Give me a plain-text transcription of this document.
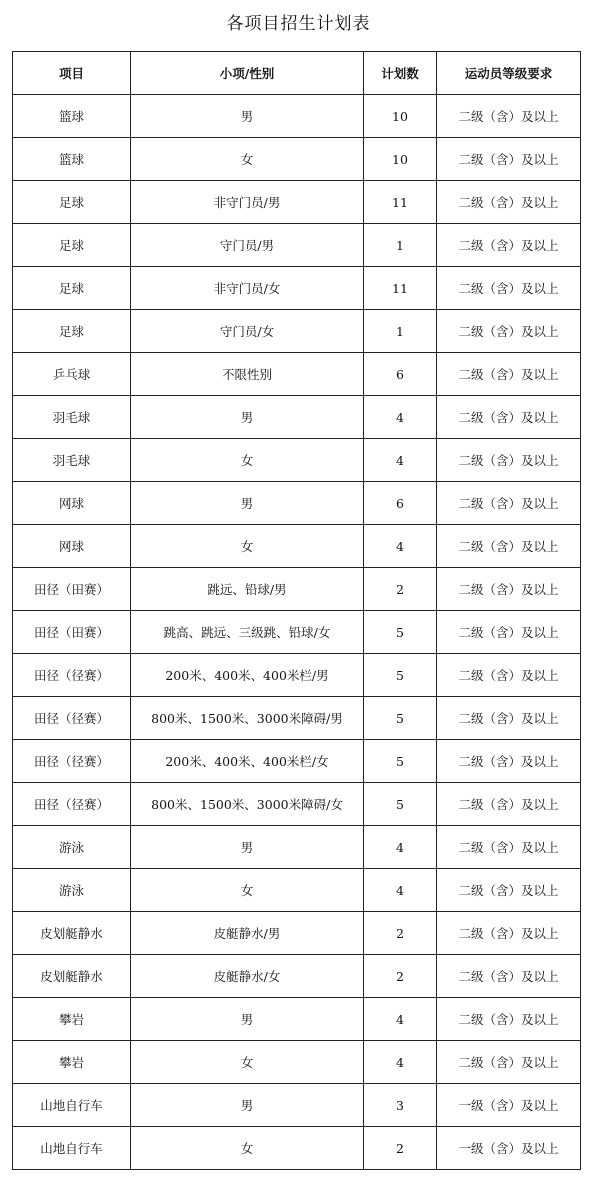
各项目招生计划表
项目	小项/性别	计划数	运动员等级要求
篮球	男	10	二级（含）及以上
篮球	女	10	二级（含）及以上
足球	非守门员/男	11	二级（含）及以上
足球	守门员/男	1	二级（含）及以上
足球	非守门员/女	11	二级（含）及以上
足球	守门员/女	1	二级（含）及以上
乒乓球	不限性别	6	二级（含）及以上
羽毛球	男	4	二级（含）及以上
羽毛球	女	4	二级（含）及以上
网球	男	6	二级（含）及以上
网球	女	4	二级（含）及以上
田径（田赛）	跳远、铅球/男	2	二级（含）及以上
田径（田赛）	跳高、跳远、三级跳、铅球/女	5	二级（含）及以上
田径（径赛）	200米、400米、400米栏/男	5	二级（含）及以上
田径（径赛）	800米、1500米、3000米障碍/男	5	二级（含）及以上
田径（径赛）	200米、400米、400米栏/女	5	二级（含）及以上
田径（径赛）	800米、1500米、3000米障碍/女	5	二级（含）及以上
游泳	男	4	二级（含）及以上
游泳	女	4	二级（含）及以上
皮划艇静水	皮艇静水/男	2	二级（含）及以上
皮划艇静水	皮艇静水/女	2	二级（含）及以上
攀岩	男	4	二级（含）及以上
攀岩	女	4	二级（含）及以上
山地自行车	男	3	一级（含）及以上
山地自行车	女	2	一级（含）及以上
